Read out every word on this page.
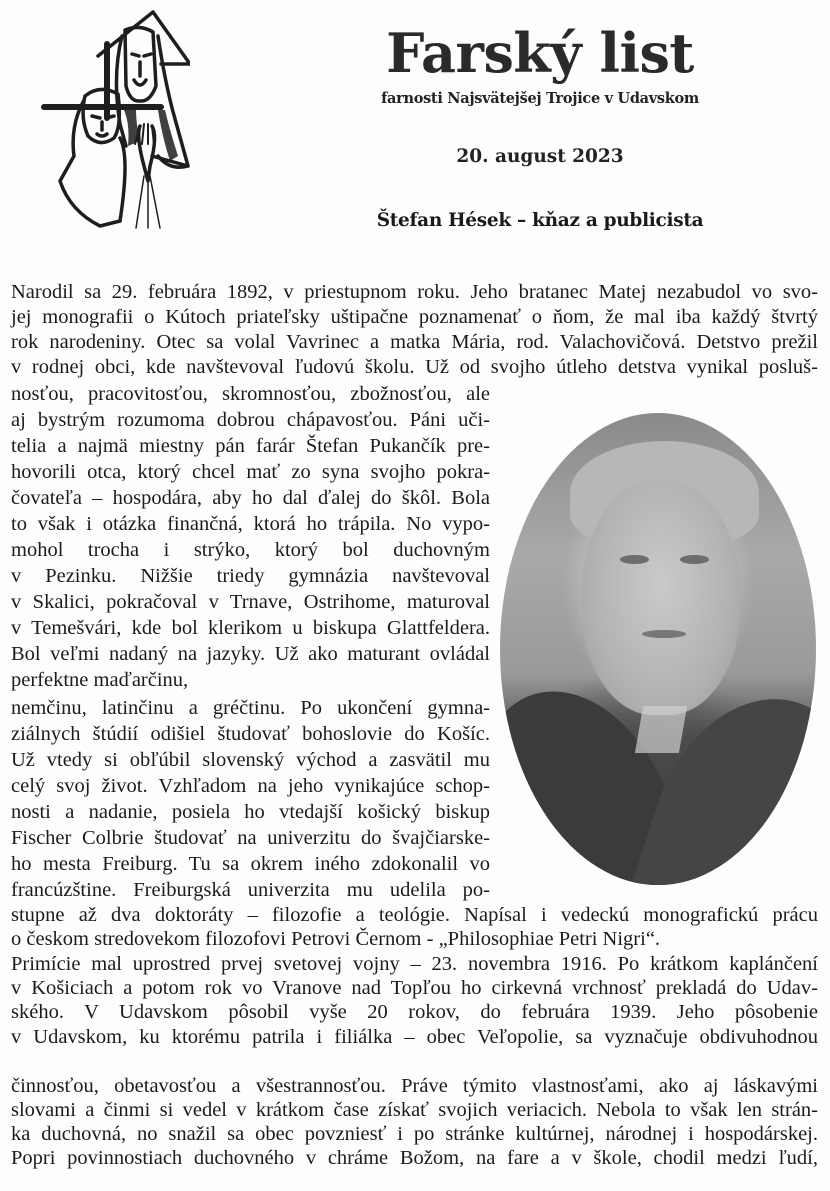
Farský list
farnosti Najsvätejšej Trojice v Udavskom
20. august 2023
Štefan Hések – kňaz a publicista
Narodil sa 29. februára 1892, v priestupnom roku. Jeho bratanec Matej nezabudol vo svo-
jej monografii o Kútoch priateľsky uštipačne poznamenať o ňom, že mal iba každý štvrtý
rok narodeniny. Otec sa volal Vavrinec a matka Mária, rod. Valachovičová. Detstvo prežil
v rodnej obci, kde navštevoval ľudovú školu. Už od svojho útleho detstva vynikal posluš-
nosťou, pracovitosťou, skromnosťou, zbožnosťou, ale
aj bystrým rozumoma dobrou chápavosťou. Páni uči-
telia a najmä miestny pán farár Štefan Pukančík pre-
hovorili otca, ktorý chcel mať zo syna svojho pokra-
čovateľa – hospodára, aby ho dal ďalej do škôl. Bola
to však i otázka finančná, ktorá ho trápila. No vypo-
mohol trocha i strýko, ktorý bol duchovným
v Pezinku. Nižšie triedy gymnázia navštevoval
v Skalici, pokračoval v Trnave, Ostrihome, maturoval
v Temešvári, kde bol klerikom u biskupa Glattfeldera.
Bol veľmi nadaný na jazyky. Už ako maturant ovládal
perfektne maďarčinu,
nemčinu, latinčinu a gréčtinu. Po ukončení gymna-
ziálnych štúdií odišiel študovať bohoslovie do Košíc.
Už vtedy si obľúbil slovenský východ a zasvätil mu
celý svoj život. Vzhľadom na jeho vynikajúce schop-
nosti a nadanie, posiela ho vtedajší košický biskup
Fischer Colbrie študovať na univerzitu do švajčiarske-
ho mesta Freiburg. Tu sa okrem iného zdokonalil vo
francúzštine. Freiburgská univerzita mu udelila po-
stupne až dva doktoráty – filozofie a teológie. Napísal i vedeckú monografickú prácu
o českom stredovekom filozofovi Petrovi Černom - „Philosophiae Petri Nigri“.
Primície mal uprostred prvej svetovej vojny – 23. novembra 1916. Po krátkom kaplánčení
v Košiciach a potom rok vo Vranove nad Topľou ho cirkevná vrchnosť prekladá do Udav-
ského. V Udavskom pôsobil vyše 20 rokov, do februára 1939. Jeho pôsobenie
v Udavskom, ku ktorému patrila i filiálka – obec Veľopolie, sa vyznačuje obdivuhodnou
činnosťou, obetavosťou a všestrannosťou. Práve týmito vlastnosťami, ako aj láskavými
slovami a činmi si vedel v krátkom čase získať svojich veriacich. Nebola to však len strán-
ka duchovná, no snažil sa obec povzniesť i po stránke kultúrnej, národnej i hospodárskej.
Popri povinnostiach duchovného v chráme Božom, na fare a v škole, chodil medzi ľudí,
